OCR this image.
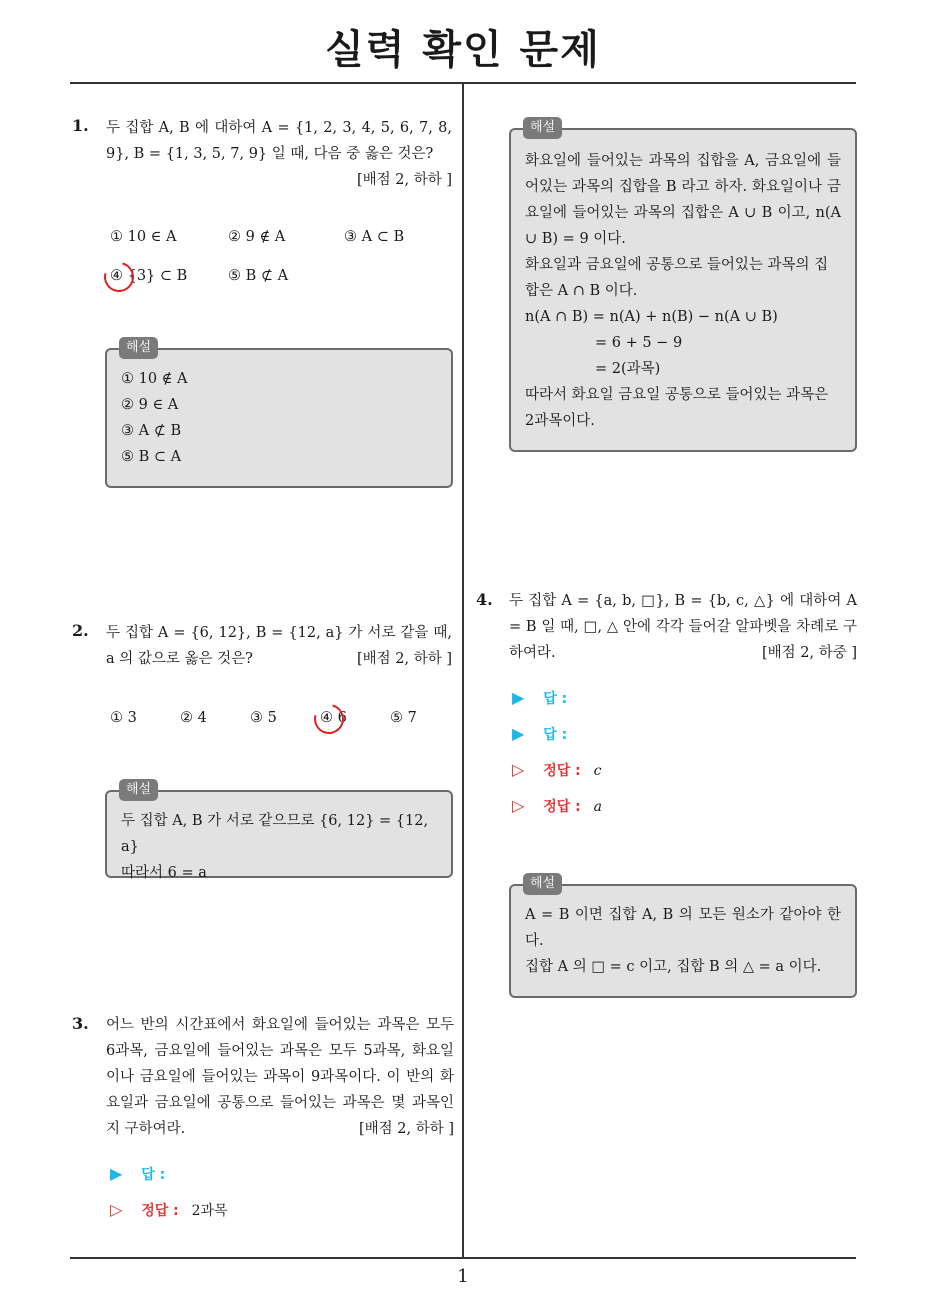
실력 확인 문제
1
1. 두 집합 A, B 에 대하여 A = {1, 2, 3, 4, 5, 6, 7, 8, 9}, B = {1, 3, 5, 7, 9} 일 때, 다음 중 옳은 것은?
[배점 2, 하하 ]
① 10 ∈ A	② 9 ∉ A	③ A ⊂ B
④ {3} ⊂ B	⑤ B ⊄ A
해설
① 10 ∉ A
② 9 ∈ A
③ A ⊄ B
⑤ B ⊂ A
2. 두 집합 A = {6, 12}, B = {12, a} 가 서로 같을 때, a 의 값으로 옳은 것은?	[배점 2, 하하 ]
① 3	② 4	③ 5	④ 6	⑤ 7
해설
두 집합 A, B 가 서로 같으므로 {6, 12} = {12, a}
따라서 6 = a
3. 어느 반의 시간표에서 화요일에 들어있는 과목은 모두 6과목, 금요일에 들어있는 과목은 모두 5과목, 화요일이나 금요일에 들어있는 과목이 9과목이다. 이 반의 화요일과 금요일에 공통으로 들어있는 과목은 몇 과목인지 구하여라.	[배점 2, 하하 ]
▶ 답 :
▷ 정답 : 2과목
해설
화요일에 들어있는 과목의 집합을 A, 금요일에 들어있는 과목의 집합을 B 라고 하자. 화요일이나 금요일에 들어있는 과목의 집합은 A ∪ B 이고, n(A ∪ B) = 9 이다.
화요일과 금요일에 공통으로 들어있는 과목의 집합은 A ∩ B 이다.
n(A ∩ B) = n(A) + n(B) − n(A ∪ B)
= 6 + 5 − 9
= 2(과목)
따라서 화요일 금요일 공통으로 들어있는 과목은 2과목이다.
4. 두 집합 A = {a, b, □}, B = {b, c, △} 에 대하여 A = B 일 때, □, △ 안에 각각 들어갈 알파벳을 차례로 구하여라.	[배점 2, 하중 ]
▶ 답 :
▶ 답 :
▷ 정답 : c
▷ 정답 : a
해설
A = B 이면 집합 A, B 의 모든 원소가 같아야 한다.
집합 A 의 □ = c 이고, 집합 B 의 △ = a 이다.
